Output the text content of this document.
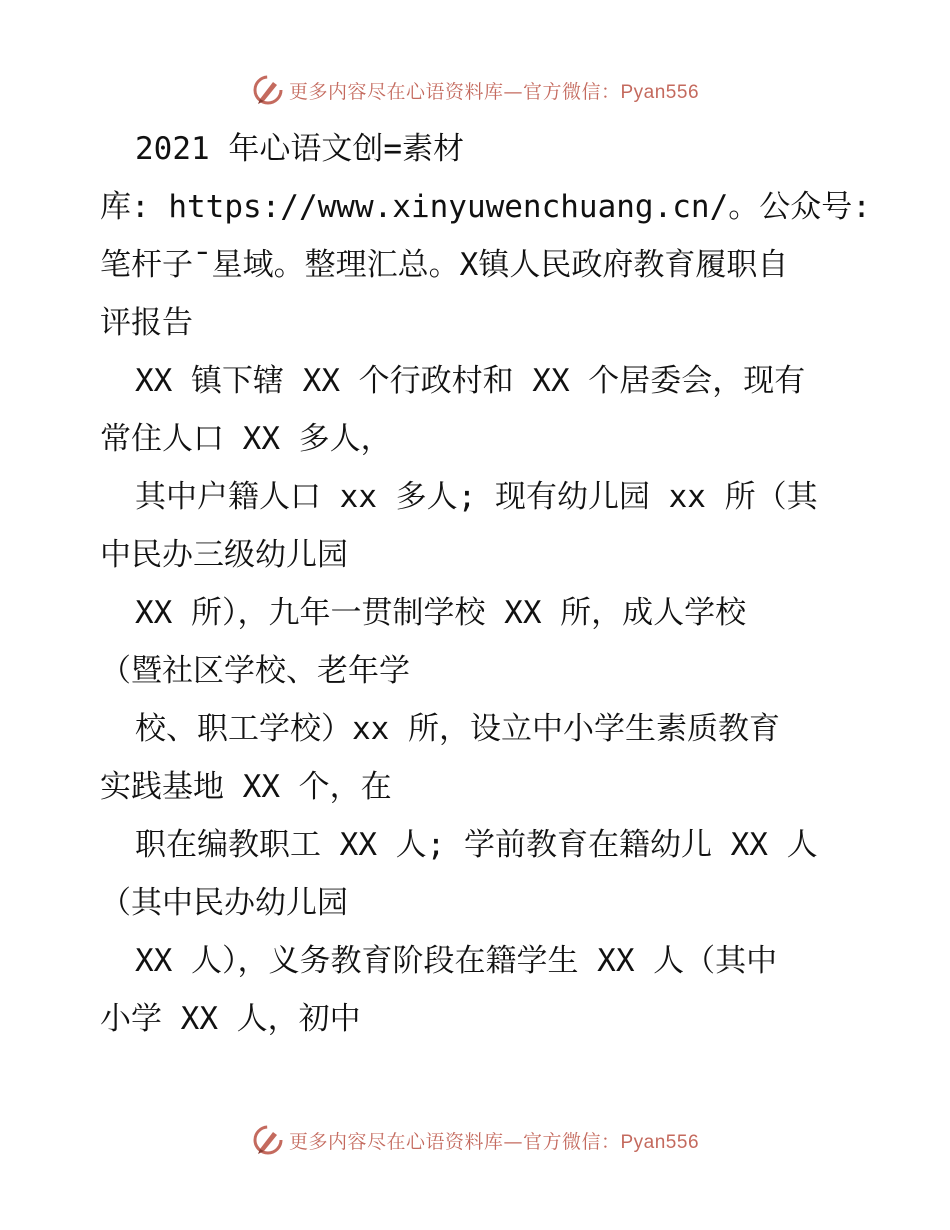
更多内容尽在心语资料库—官方微信：Pyan556
2021 年心语文创=素材
库: https://www.xinyuwenchuang.cn/。公众号:
笔杆子¯星域。整理汇总。X镇人民政府教育履职自
评报告
XX 镇下辖 XX 个行政村和 XX 个居委会，现有
常住人口 XX 多人，
其中户籍人口 xx 多人; 现有幼儿园 xx 所（其
中民办三级幼儿园
XX 所），九年一贯制学校 XX 所，成人学校
（暨社区学校、老年学
校、职工学校）xx 所，设立中小学生素质教育
实践基地 XX 个，在
职在编教职工 XX 人; 学前教育在籍幼儿 XX 人
（其中民办幼儿园
XX 人），义务教育阶段在籍学生 XX 人（其中
小学 XX 人，初中
更多内容尽在心语资料库—官方微信：Pyan556
